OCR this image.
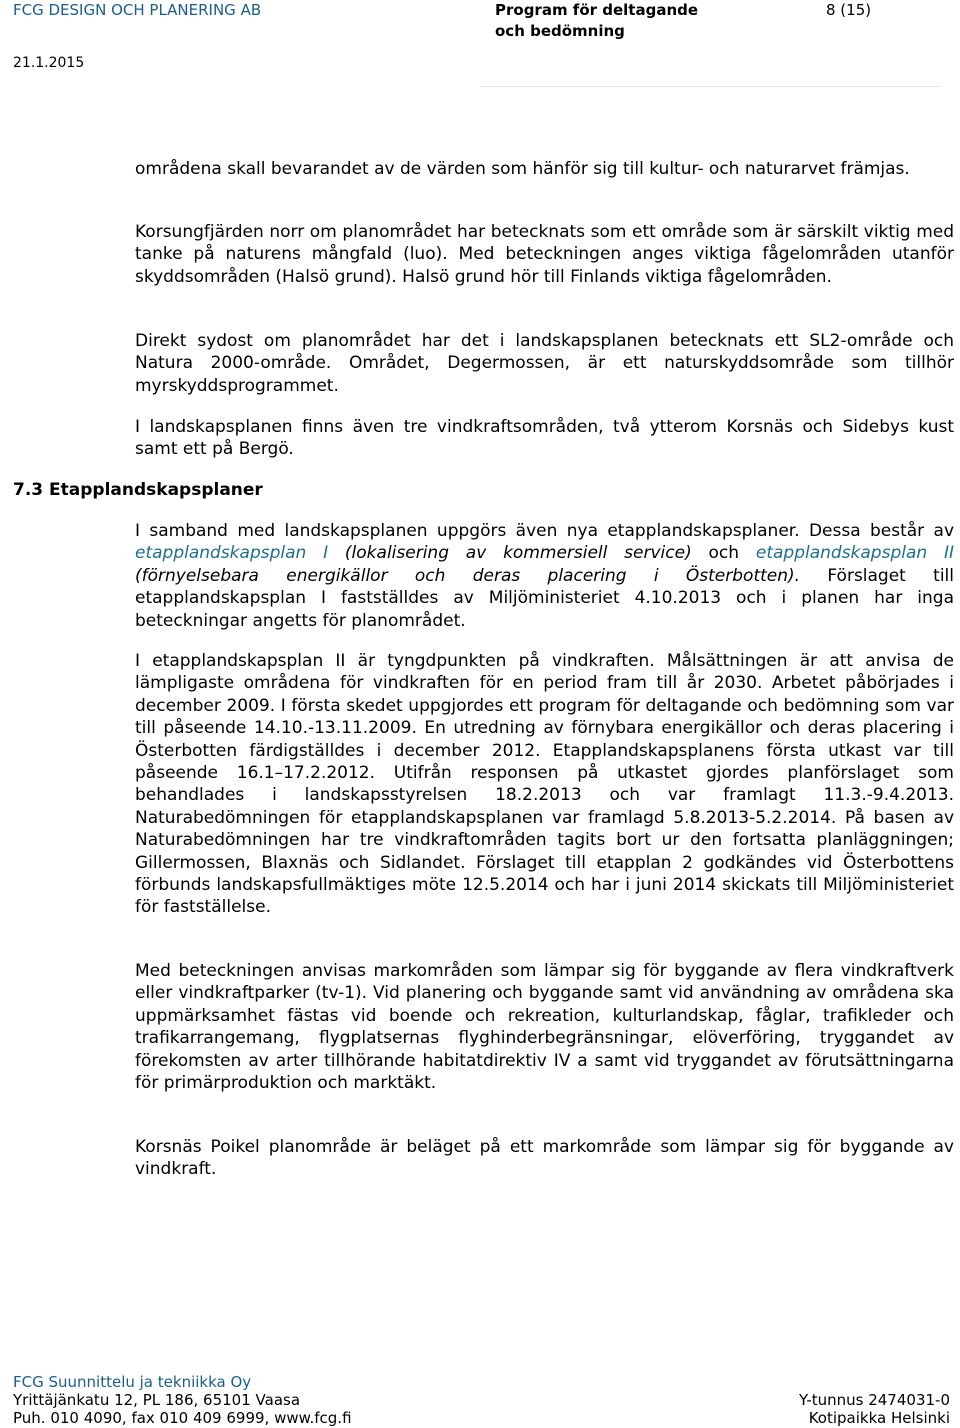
FCG DESIGN OCH PLANERING AB
21.1.2015
Program för deltagande
och bedömning
8 (15)

områdena skall bevarandet av de värden som hänför sig till kultur- och naturarvet främjas.

Korsungfjärden norr om planområdet har betecknats som ett område som är särskilt viktig med tanke på naturens mångfald (luo). Med beteckningen anges viktiga fågelområden utanför skyddsområden (Halsö grund). Halsö grund hör till Finlands viktiga fågelområden.

Direkt sydost om planområdet har det i landskapsplanen betecknats ett SL2-område och Natura 2000-område. Området, Degermossen, är ett naturskyddsområde som tillhör myrskyddsprogrammet.

I landskapsplanen finns även tre vindkraftsområden, två ytterom Korsnäs och Sidebys kust samt ett på Bergö.

7.3 Etapplandskapsplaner

I samband med landskapsplanen uppgörs även nya etapplandskapsplaner. Dessa består av etapplandskapsplan I (lokalisering av kommersiell service) och etapplandskapsplan II (förnyelsebara energikällor och deras placering i Österbotten). Förslaget till etapplandskapsplan I fastställdes av Miljöministeriet 4.10.2013 och i planen har inga beteckningar angetts för planområdet.

I etapplandskapsplan II är tyngdpunkten på vindkraften. Målsättningen är att anvisa de lämpligaste områdena för vindkraften för en period fram till år 2030. Arbetet påbörjades i december 2009. I första skedet uppgjordes ett program för deltagande och bedömning som var till påseende 14.10.-13.11.2009. En utredning av förnybara energikällor och deras placering i Österbotten färdigställdes i december 2012. Etapplandskapsplanens första utkast var till påseende 16.1–17.2.2012. Utifrån responsen på utkastet gjordes planförslaget som behandlades i landskapsstyrelsen 18.2.2013 och var framlagt 11.3.-9.4.2013. Naturabedömningen för etapplandskapsplanen var framlagd 5.8.2013-5.2.2014. På basen av Naturabedömningen har tre vindkraftområden tagits bort ur den fortsatta planläggningen; Gillermossen, Blaxnäs och Sidlandet. Förslaget till etapplan 2 godkändes vid Österbottens förbunds landskapsfullmäktiges möte 12.5.2014 och har i juni 2014 skickats till Miljöministeriet för fastställelse.

Med beteckningen anvisas markområden som lämpar sig för byggande av flera vindkraftverk eller vindkraftparker (tv-1). Vid planering och byggande samt vid användning av områdena ska uppmärksamhet fästas vid boende och rekreation, kulturlandskap, fåglar, trafikleder och trafikarrangemang, flygplatsernas flyghinderbegränsningar, elöverföring, tryggandet av förekomsten av arter tillhörande habitatdirektiv IV a samt vid tryggandet av förutsättningarna för primärproduktion och marktäkt.

Korsnäs Poikel planområde är beläget på ett markområde som lämpar sig för byggande av vindkraft.

FCG Suunnittelu ja tekniikka Oy
Yrittäjänkatu 12, PL 186, 65101 Vaasa
Puh. 010 4090, fax 010 409 6999, www.fcg.fi
Y-tunnus 2474031-0
Kotipaikka Helsinki
